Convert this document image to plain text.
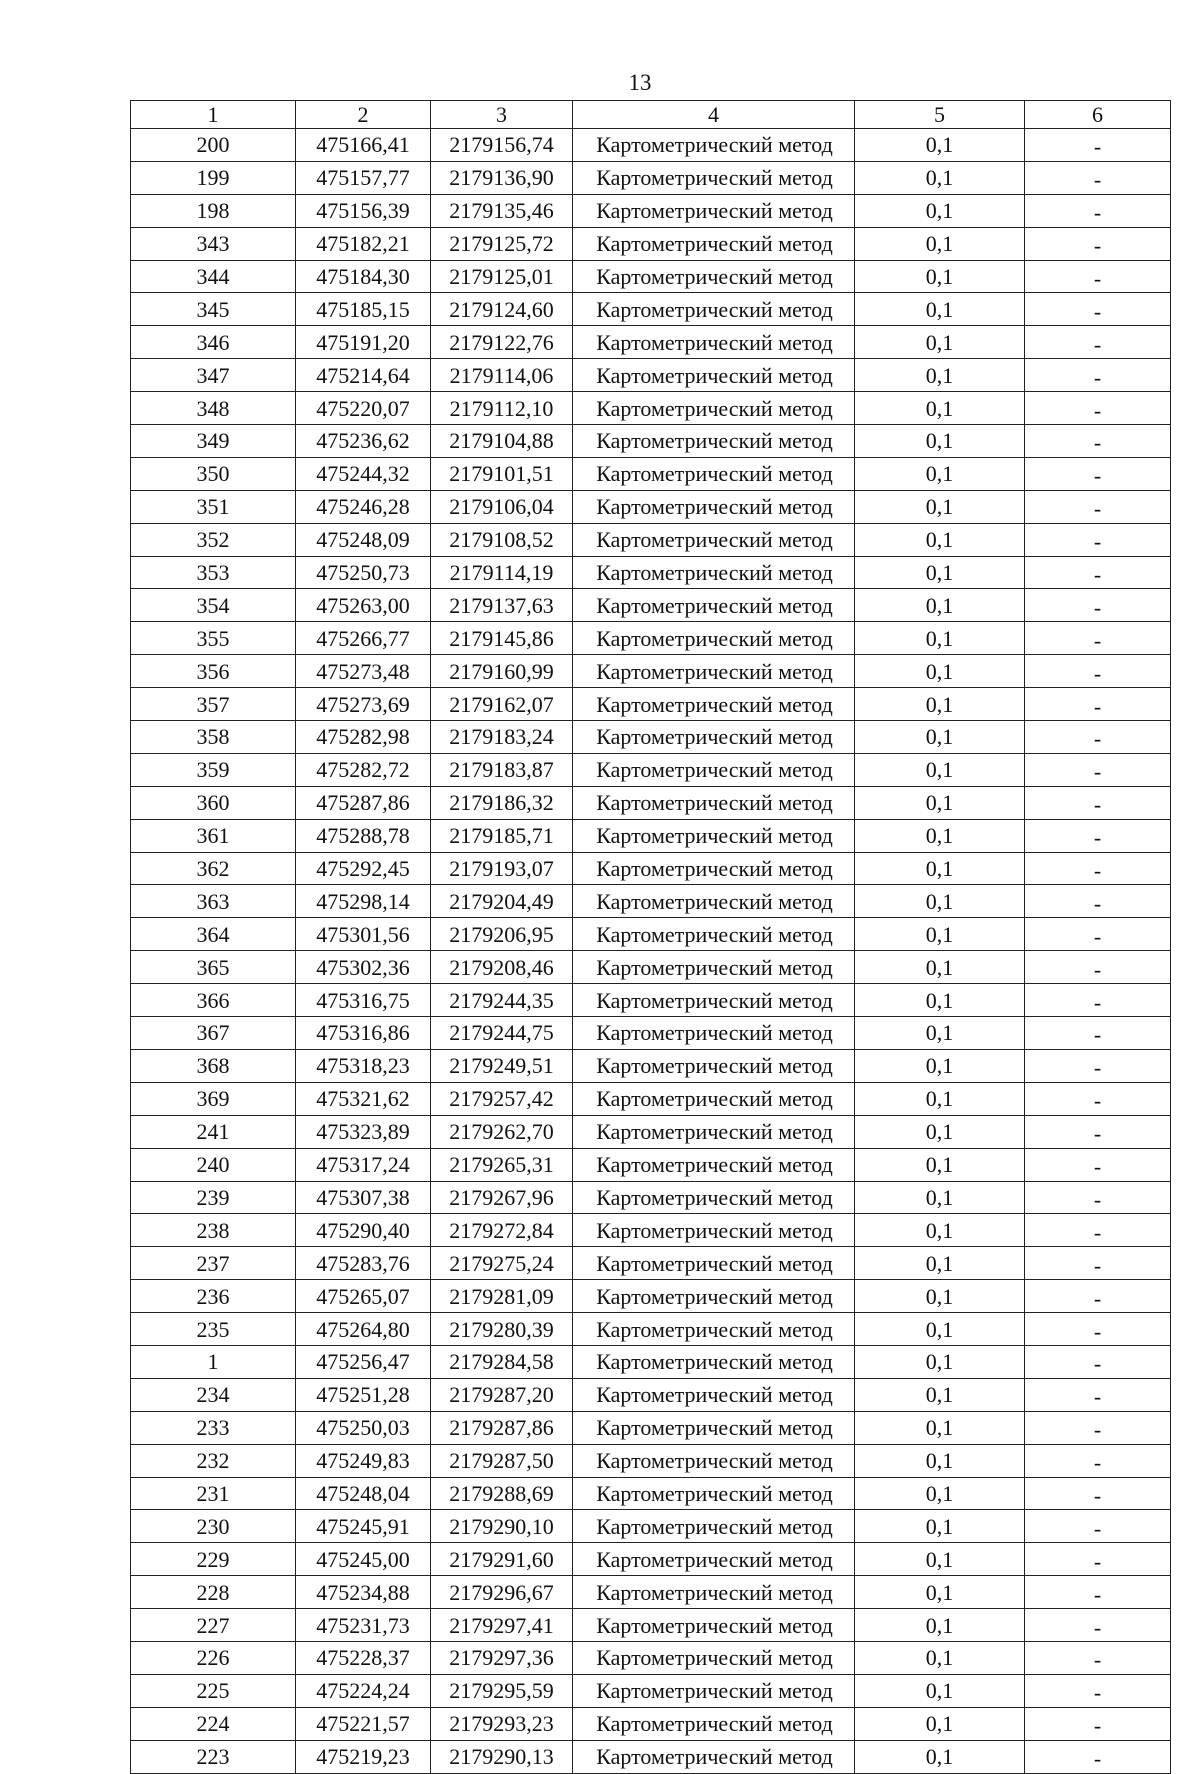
13
1	2	3	4	5	6
200	475166,41	2179156,74	Картометрический метод	0,1	-
199	475157,77	2179136,90	Картометрический метод	0,1	-
198	475156,39	2179135,46	Картометрический метод	0,1	-
343	475182,21	2179125,72	Картометрический метод	0,1	-
344	475184,30	2179125,01	Картометрический метод	0,1	-
345	475185,15	2179124,60	Картометрический метод	0,1	-
346	475191,20	2179122,76	Картометрический метод	0,1	-
347	475214,64	2179114,06	Картометрический метод	0,1	-
348	475220,07	2179112,10	Картометрический метод	0,1	-
349	475236,62	2179104,88	Картометрический метод	0,1	-
350	475244,32	2179101,51	Картометрический метод	0,1	-
351	475246,28	2179106,04	Картометрический метод	0,1	-
352	475248,09	2179108,52	Картометрический метод	0,1	-
353	475250,73	2179114,19	Картометрический метод	0,1	-
354	475263,00	2179137,63	Картометрический метод	0,1	-
355	475266,77	2179145,86	Картометрический метод	0,1	-
356	475273,48	2179160,99	Картометрический метод	0,1	-
357	475273,69	2179162,07	Картометрический метод	0,1	-
358	475282,98	2179183,24	Картометрический метод	0,1	-
359	475282,72	2179183,87	Картометрический метод	0,1	-
360	475287,86	2179186,32	Картометрический метод	0,1	-
361	475288,78	2179185,71	Картометрический метод	0,1	-
362	475292,45	2179193,07	Картометрический метод	0,1	-
363	475298,14	2179204,49	Картометрический метод	0,1	-
364	475301,56	2179206,95	Картометрический метод	0,1	-
365	475302,36	2179208,46	Картометрический метод	0,1	-
366	475316,75	2179244,35	Картометрический метод	0,1	-
367	475316,86	2179244,75	Картометрический метод	0,1	-
368	475318,23	2179249,51	Картометрический метод	0,1	-
369	475321,62	2179257,42	Картометрический метод	0,1	-
241	475323,89	2179262,70	Картометрический метод	0,1	-
240	475317,24	2179265,31	Картометрический метод	0,1	-
239	475307,38	2179267,96	Картометрический метод	0,1	-
238	475290,40	2179272,84	Картометрический метод	0,1	-
237	475283,76	2179275,24	Картометрический метод	0,1	-
236	475265,07	2179281,09	Картометрический метод	0,1	-
235	475264,80	2179280,39	Картометрический метод	0,1	-
1	475256,47	2179284,58	Картометрический метод	0,1	-
234	475251,28	2179287,20	Картометрический метод	0,1	-
233	475250,03	2179287,86	Картометрический метод	0,1	-
232	475249,83	2179287,50	Картометрический метод	0,1	-
231	475248,04	2179288,69	Картометрический метод	0,1	-
230	475245,91	2179290,10	Картометрический метод	0,1	-
229	475245,00	2179291,60	Картометрический метод	0,1	-
228	475234,88	2179296,67	Картометрический метод	0,1	-
227	475231,73	2179297,41	Картометрический метод	0,1	-
226	475228,37	2179297,36	Картометрический метод	0,1	-
225	475224,24	2179295,59	Картометрический метод	0,1	-
224	475221,57	2179293,23	Картометрический метод	0,1	-
223	475219,23	2179290,13	Картометрический метод	0,1	-
